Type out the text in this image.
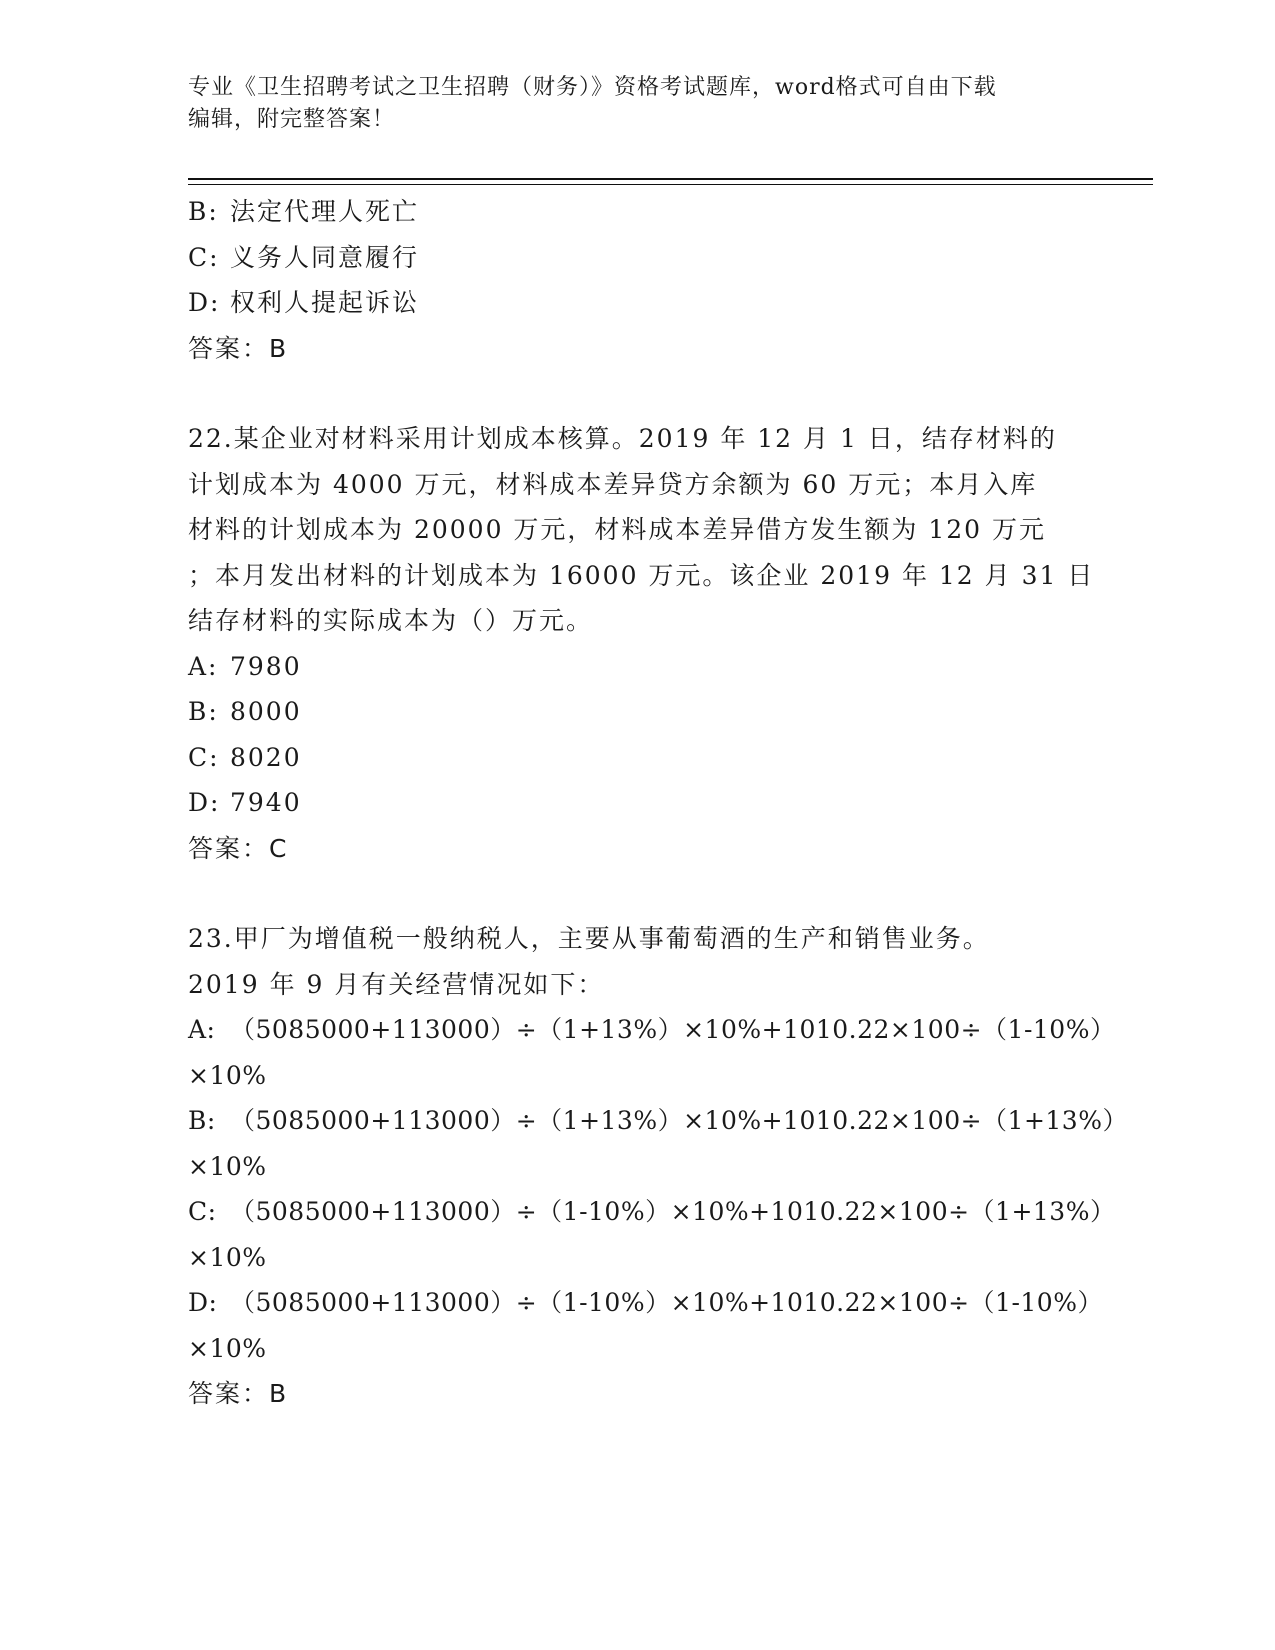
专业《卫生招聘考试之卫生招聘（财务）》资格考试题库，word格式可自由下载
编辑，附完整答案！
B: 法定代理人死亡
C: 义务人同意履行
D: 权利人提起诉讼
答案：B
22.某企业对材料采用计划成本核算。2019 年 12 月 1 日，结存材料的
计划成本为 4000 万元，材料成本差异贷方余额为 60 万元；本月入库
材料的计划成本为 20000 万元，材料成本差异借方发生额为 120 万元
；本月发出材料的计划成本为 16000 万元。该企业 2019 年 12 月 31 日
结存材料的实际成本为（）万元。
A: 7980
B: 8000
C: 8020
D: 7940
答案：C
23.甲厂为增值税一般纳税人，主要从事葡萄酒的生产和销售业务。
2019 年 9 月有关经营情况如下：
A: （5085000+113000）÷（1+13%）×10%+1010.22×100÷（1-10%）
×10%
B: （5085000+113000）÷（1+13%）×10%+1010.22×100÷（1+13%）
×10%
C: （5085000+113000）÷（1-10%）×10%+1010.22×100÷（1+13%）
×10%
D: （5085000+113000）÷（1-10%）×10%+1010.22×100÷（1-10%）
×10%
答案：B
